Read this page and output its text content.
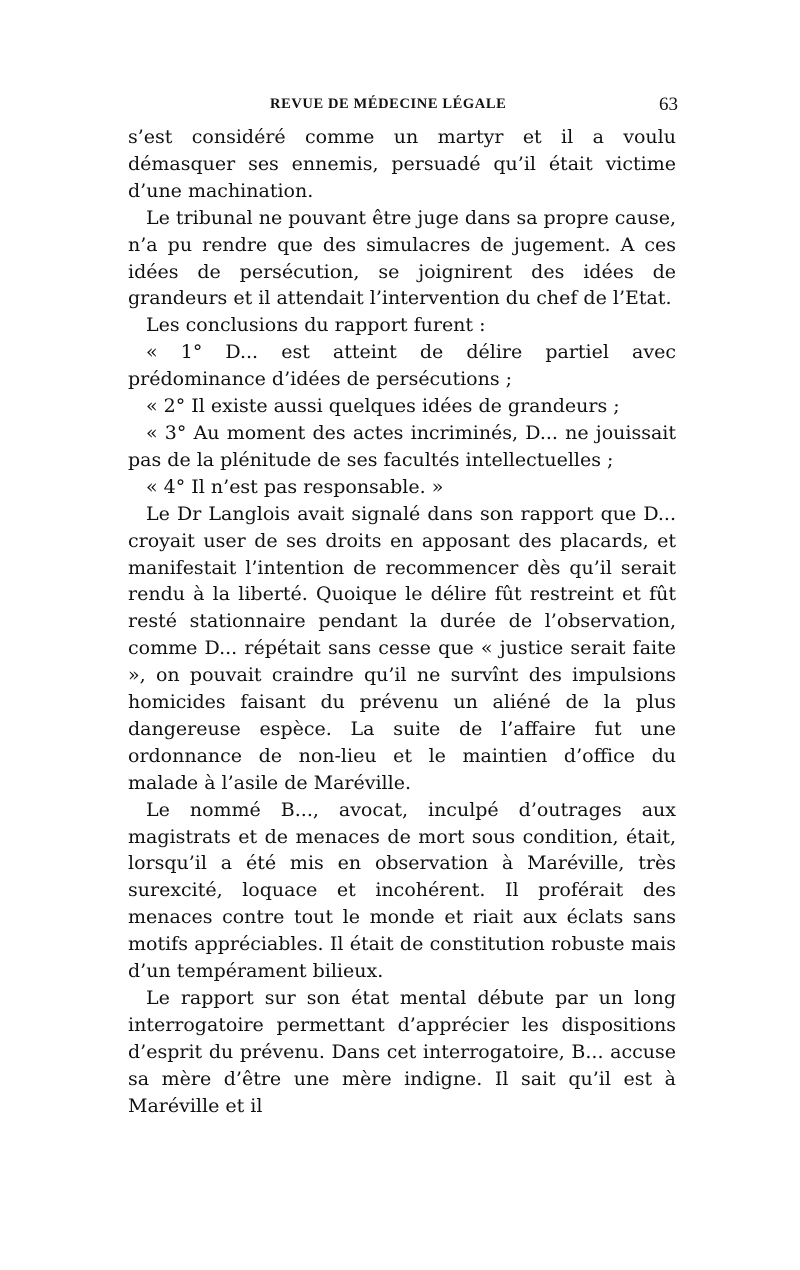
REVUE DE MÉDECINE LÉGALE	63

s’est considéré comme un martyr et il a voulu démasquer ses ennemis, persuadé qu’il était victime d’une machination.

Le tribunal ne pouvant être juge dans sa propre cause, n’a pu rendre que des simulacres de jugement. A ces idées de persécution, se joignirent des idées de grandeurs et il attendait l’intervention du chef de l’Etat.

Les conclusions du rapport furent :

« 1° D... est atteint de délire partiel avec prédominance d’idées de persécutions ;

« 2° Il existe aussi quelques idées de grandeurs ;

« 3° Au moment des actes incriminés, D... ne jouissait pas de la plénitude de ses facultés intellectuelles ;

« 4° Il n’est pas responsable. »

Le Dr Langlois avait signalé dans son rapport que D... croyait user de ses droits en apposant des placards, et manifestait l’intention de recommencer dès qu’il serait rendu à la liberté. Quoique le délire fût restreint et fût resté stationnaire pendant la durée de l’observation, comme D... répétait sans cesse que « justice serait faite », on pouvait craindre qu’il ne survînt des impulsions homicides faisant du prévenu un aliéné de la plus dangereuse espèce. La suite de l’affaire fut une ordonnance de non-lieu et le maintien d’office du malade à l’asile de Maréville.

Le nommé B..., avocat, inculpé d’outrages aux magistrats et de menaces de mort sous condition, était, lorsqu’il a été mis en observation à Maréville, très surexcité, loquace et incohérent. Il proférait des menaces contre tout le monde et riait aux éclats sans motifs appréciables. Il était de constitution robuste mais d’un tempérament bilieux.

Le rapport sur son état mental débute par un long interrogatoire permettant d’apprécier les dispositions d’esprit du prévenu. Dans cet interrogatoire, B... accuse sa mère d’être une mère indigne. Il sait qu’il est à Maréville et il
